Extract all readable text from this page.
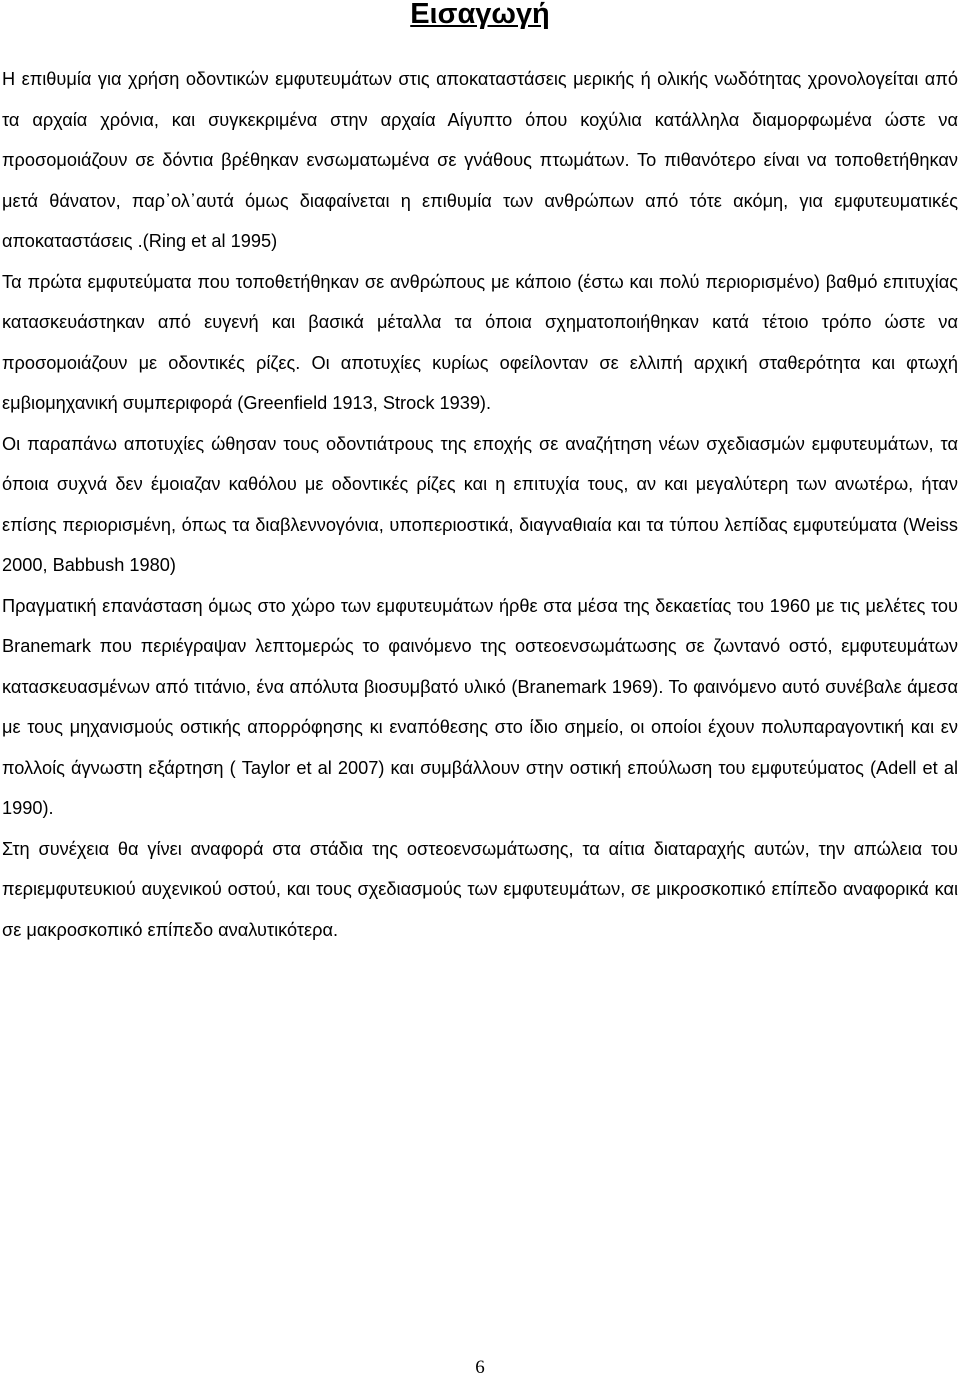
Εισαγωγή

Η επιθυμία για χρήση οδοντικών εμφυτευμάτων στις αποκαταστάσεις μερικής ή ολικής νωδότητας χρονολογείται από τα αρχαία χρόνια, και συγκεκριμένα στην αρχαία Αίγυπτο όπου κοχύλια κατάλληλα διαμορφωμένα ώστε να προσομοιάζουν σε δόντια βρέθηκαν ενσωματωμένα σε γνάθους πτωμάτων. Το πιθανότερο είναι να τοποθετήθηκαν μετά θάνατον, παρ᾽ολ᾽αυτά όμως διαφαίνεται η επιθυμία των ανθρώπων από τότε ακόμη, για εμφυτευματικές αποκαταστάσεις .(Ring et al 1995)

Τα πρώτα εμφυτεύματα που τοποθετήθηκαν σε ανθρώπους με κάποιο (έστω και πολύ περιορισμένο) βαθμό επιτυχίας κατασκευάστηκαν από ευγενή και βασικά μέταλλα τα όποια σχηματοποιήθηκαν κατά τέτοιο τρόπο ώστε να προσομοιάζουν με οδοντικές ρίζες. Οι αποτυχίες κυρίως οφείλονταν σε ελλιπή αρχική σταθερότητα και φτωχή εμβιομηχανική συμπεριφορά (Greenfield 1913, Strock 1939).

Οι παραπάνω αποτυχίες ώθησαν τους οδοντιάτρους της εποχής σε αναζήτηση νέων σχεδιασμών εμφυτευμάτων, τα όποια συχνά δεν έμοιαζαν καθόλου με οδοντικές ρίζες και η επιτυχία τους, αν και μεγαλύτερη των ανωτέρω, ήταν επίσης περιορισμένη, όπως τα διαβλεννογόνια, υποπεριοστικά, διαγναθιαία και τα τύπου λεπίδας εμφυτεύματα (Weiss 2000, Babbush 1980)

Πραγματική επανάσταση όμως στο χώρο των εμφυτευμάτων ήρθε στα μέσα της δεκαετίας του 1960 με τις μελέτες του Branemark που περιέγραψαν λεπτομερώς το φαινόμενο της οστεοενσωμάτωσης σε ζωντανό οστό, εμφυτευμάτων κατασκευασμένων από τιτάνιο, ένα απόλυτα βιοσυμβατό υλικό (Branemark 1969). Το φαινόμενο αυτό συνέβαλε άμεσα με τους μηχανισμούς οστικής απορρόφησης κι εναπόθεσης στο ίδιο σημείο, οι οποίοι έχουν πολυπαραγοντική και εν πολλοίς άγνωστη εξάρτηση ( Taylor et al 2007) και συμβάλλουν στην οστική επούλωση του εμφυτεύματος (Adell et al 1990).

Στη συνέχεια θα γίνει αναφορά στα στάδια της οστεοενσωμάτωσης, τα αίτια διαταραχής αυτών, την απώλεια του περιεμφυτευκιού αυχενικού οστού, και τους σχεδιασμούς των εμφυτευμάτων, σε μικροσκοπικό επίπεδο αναφορικά και σε μακροσκοπικό επίπεδο αναλυτικότερα.

6
